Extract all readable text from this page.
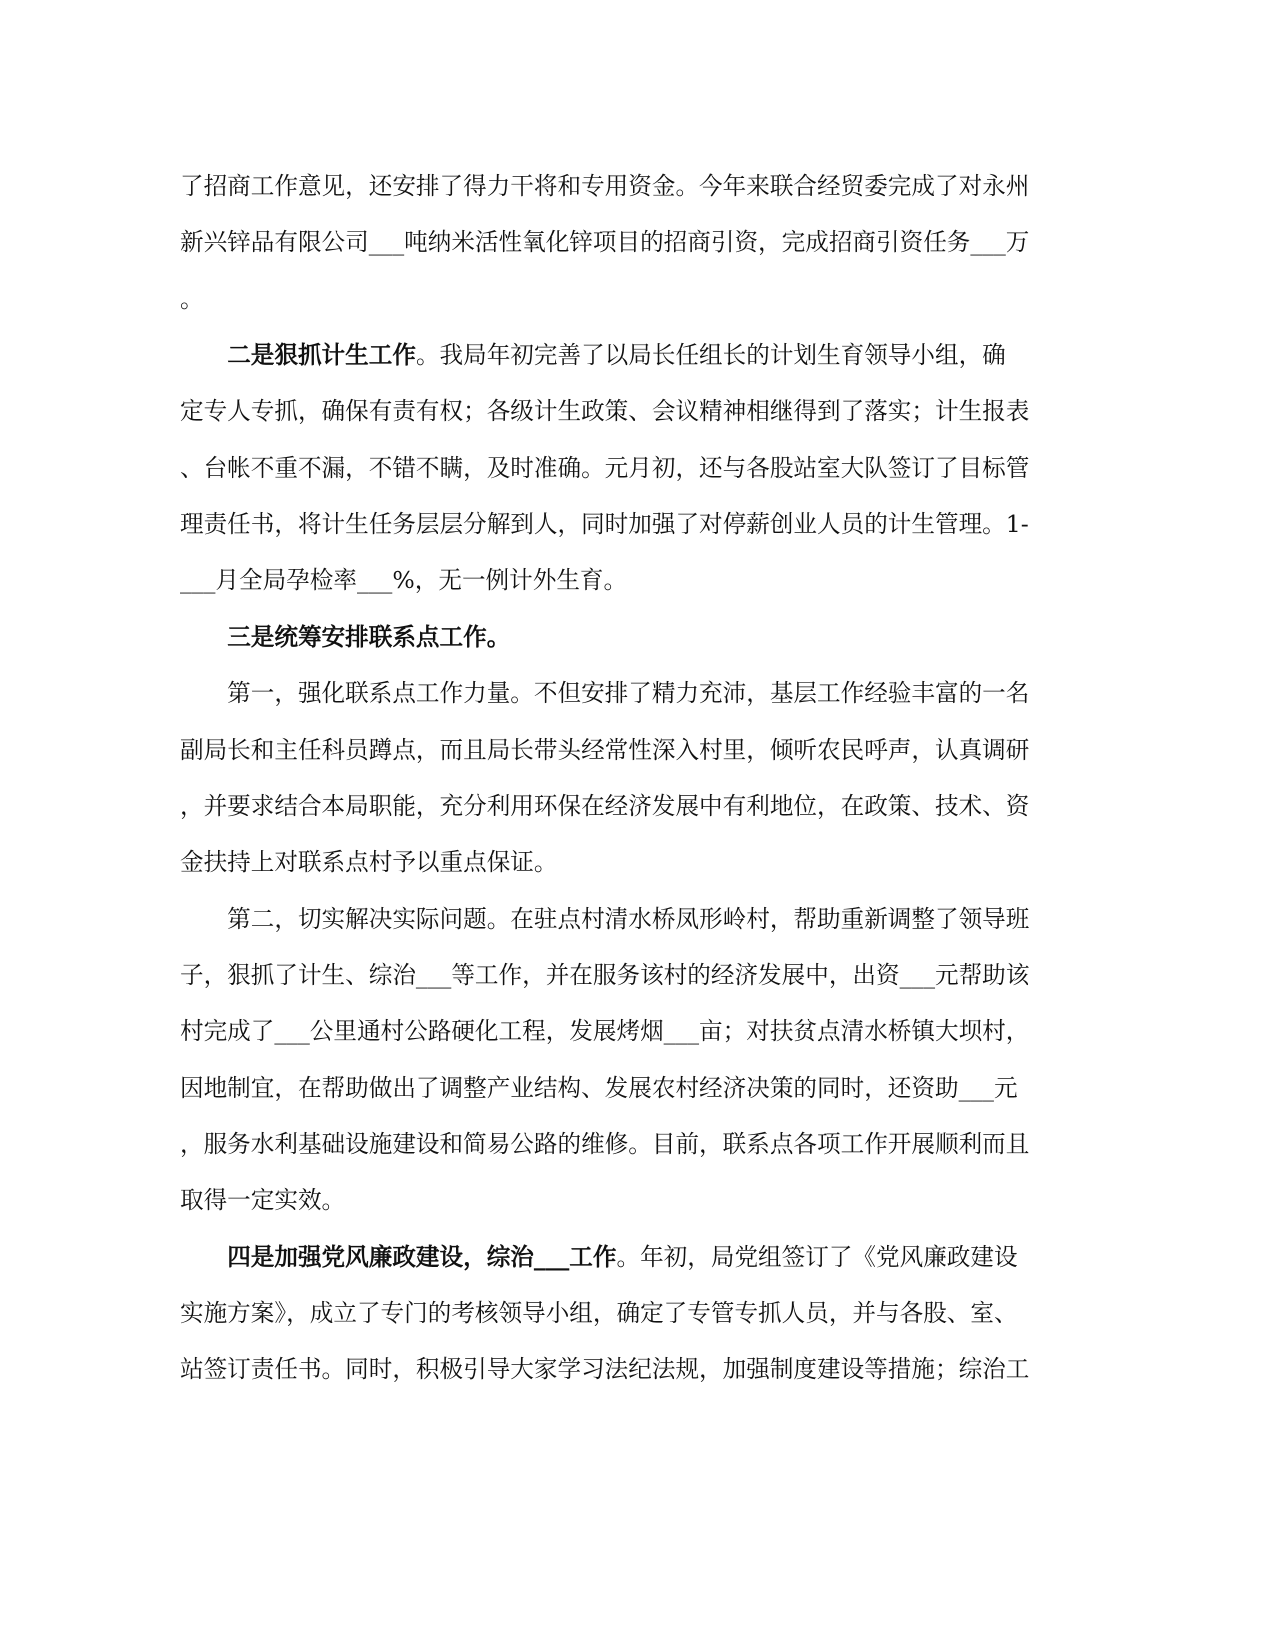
了招商工作意见，还安排了得力干将和专用资金。今年来联合经贸委完成了对永州
新兴锌品有限公司___吨纳米活性氧化锌项目的招商引资，完成招商引资任务___万
。
　　二是狠抓计生工作。我局年初完善了以局长任组长的计划生育领导小组，确
定专人专抓，确保有责有权；各级计生政策、会议精神相继得到了落实；计生报表
、台帐不重不漏，不错不瞒，及时准确。元月初，还与各股站室大队签订了目标管
理责任书，将计生任务层层分解到人，同时加强了对停薪创业人员的计生管理。1-
___月全局孕检率___%，无一例计外生育。
　　三是统筹安排联系点工作。
　　第一，强化联系点工作力量。不但安排了精力充沛，基层工作经验丰富的一名
副局长和主任科员蹲点，而且局长带头经常性深入村里，倾听农民呼声，认真调研
，并要求结合本局职能，充分利用环保在经济发展中有利地位，在政策、技术、资
金扶持上对联系点村予以重点保证。
　　第二，切实解决实际问题。在驻点村清水桥凤形岭村，帮助重新调整了领导班
子，狠抓了计生、综治___等工作，并在服务该村的经济发展中，出资___元帮助该
村完成了___公里通村公路硬化工程，发展烤烟___亩；对扶贫点清水桥镇大坝村，
因地制宜，在帮助做出了调整产业结构、发展农村经济决策的同时，还资助___元
，服务水利基础设施建设和简易公路的维修。目前，联系点各项工作开展顺利而且
取得一定实效。
　　四是加强党风廉政建设，综治___工作。年初，局党组签订了《党风廉政建设
实施方案》，成立了专门的考核领导小组，确定了专管专抓人员，并与各股、室、
站签订责任书。同时，积极引导大家学习法纪法规，加强制度建设等措施；综治工
